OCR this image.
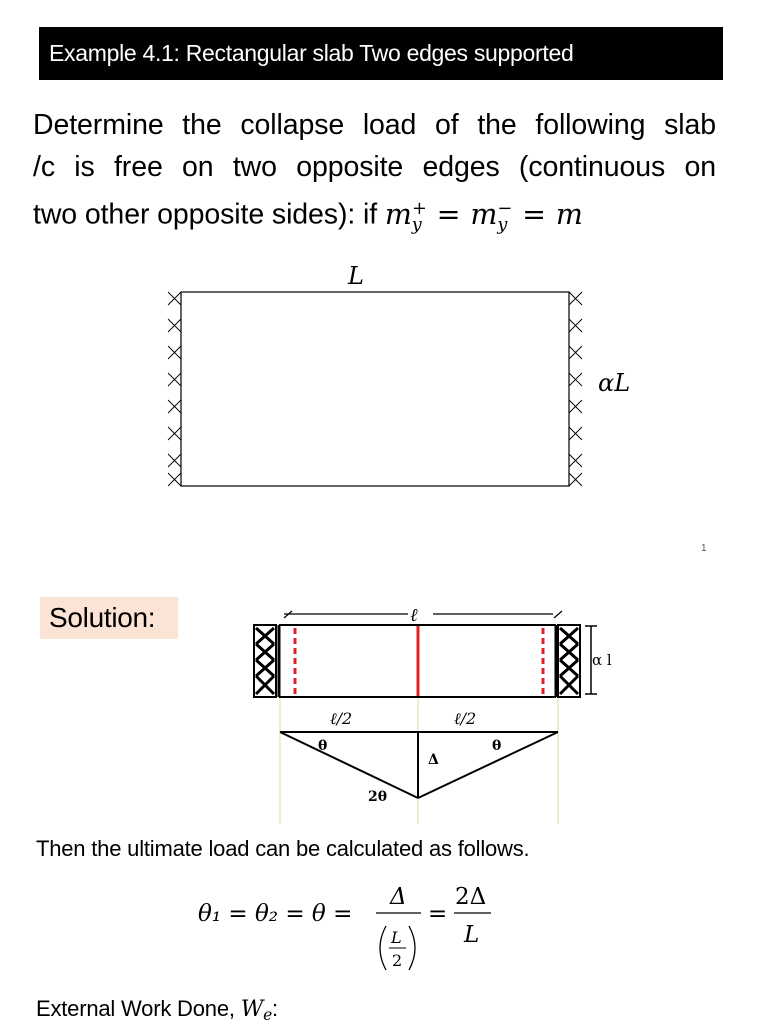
Example 4.1: Rectangular slab Two edges supported
Determine the collapse load of the following slab
/c is free on two opposite edges (continuous on
two other opposite sides): if $m_y^+ = m_y^- = m$
L
αL
1
Solution:	ℓ
α l
ℓ/2	ℓ/2
θ	θ
Δ
2θ
Then the ultimate load can be calculated as follows.
θ₁ = θ₂ = θ =
Δ
L
2
=
2Δ
L
External Work Done, $W_e$:
